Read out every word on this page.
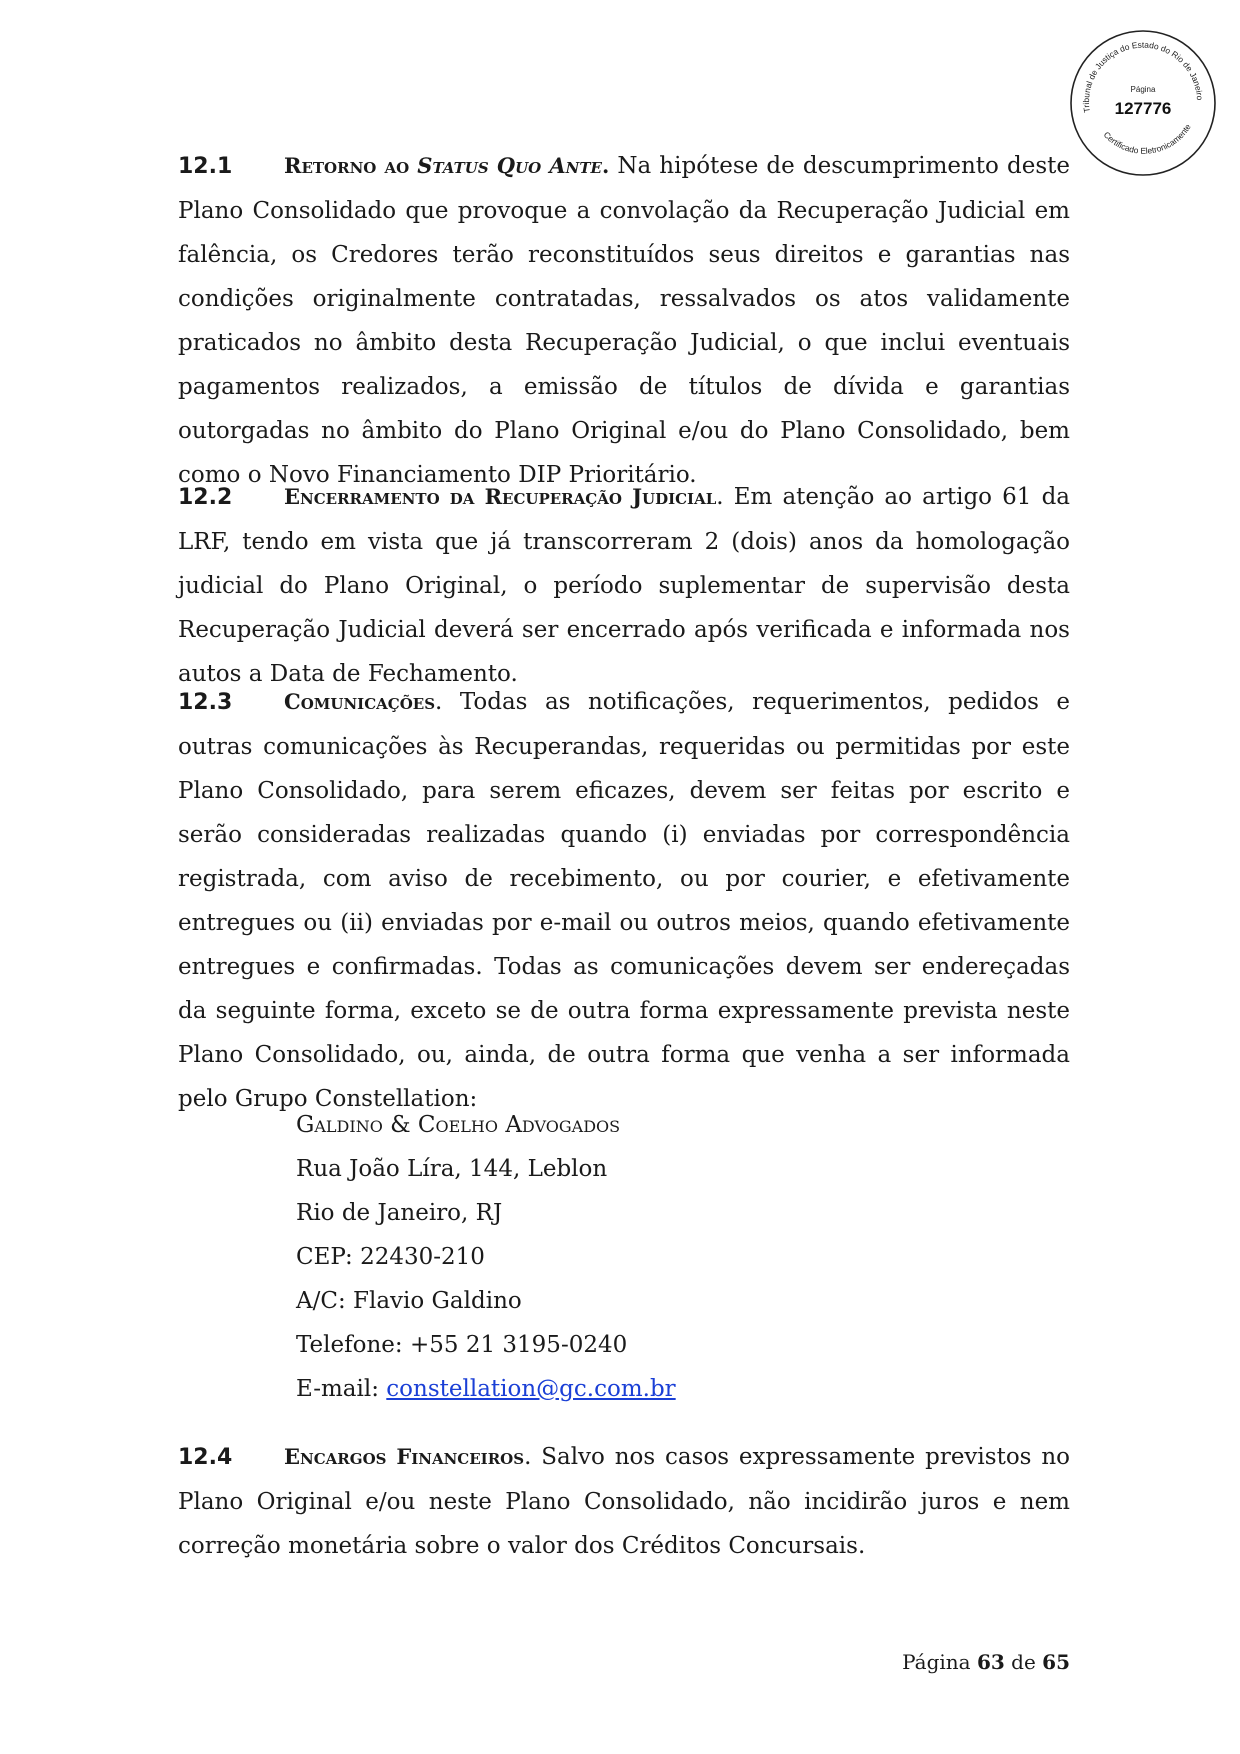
Tribunal de Justiça do Estado do Rio de Janeiro
Página
127776
Certificado Eletronicamente

12.1 Retorno ao Status Quo Ante. Na hipótese de descumprimento deste Plano Consolidado que provoque a convolação da Recuperação Judicial em falência, os Credores terão reconstituídos seus direitos e garantias nas condições originalmente contratadas, ressalvados os atos validamente praticados no âmbito desta Recuperação Judicial, o que inclui eventuais pagamentos realizados, a emissão de títulos de dívida e garantias outorgadas no âmbito do Plano Original e/ou do Plano Consolidado, bem como o Novo Financiamento DIP Prioritário.

12.2 Encerramento da Recuperação Judicial. Em atenção ao artigo 61 da LRF, tendo em vista que já transcorreram 2 (dois) anos da homologação judicial do Plano Original, o período suplementar de supervisão desta Recuperação Judicial deverá ser encerrado após verificada e informada nos autos a Data de Fechamento.

12.3 Comunicações. Todas as notificações, requerimentos, pedidos e outras comunicações às Recuperandas, requeridas ou permitidas por este Plano Consolidado, para serem eficazes, devem ser feitas por escrito e serão consideradas realizadas quando (i) enviadas por correspondência registrada, com aviso de recebimento, ou por courier, e efetivamente entregues ou (ii) enviadas por e-mail ou outros meios, quando efetivamente entregues e confirmadas. Todas as comunicações devem ser endereçadas da seguinte forma, exceto se de outra forma expressamente prevista neste Plano Consolidado, ou, ainda, de outra forma que venha a ser informada pelo Grupo Constellation:

Galdino & Coelho Advogados
Rua João Líra, 144, Leblon
Rio de Janeiro, RJ
CEP: 22430-210
A/C: Flavio Galdino
Telefone: +55 21 3195-0240
E-mail: constellation@gc.com.br

12.4 Encargos Financeiros. Salvo nos casos expressamente previstos no Plano Original e/ou neste Plano Consolidado, não incidirão juros e nem correção monetária sobre o valor dos Créditos Concursais.

Página 63 de 65
